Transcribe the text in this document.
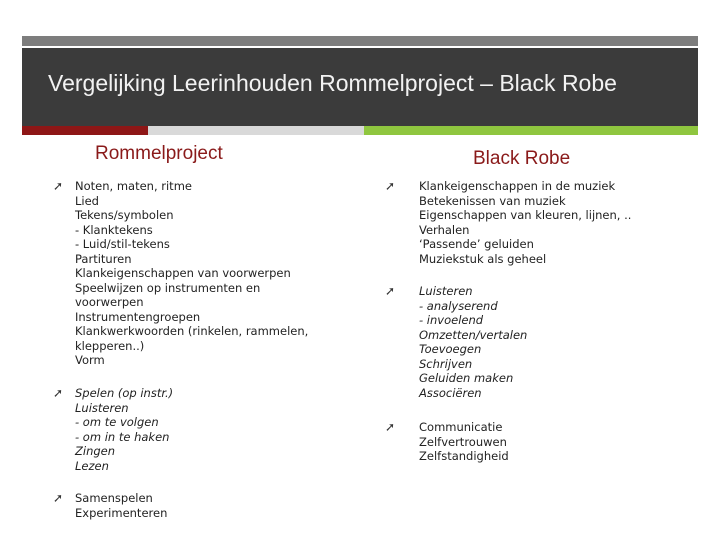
Vergelijking Leerinhouden Rommelproject – Black Robe
Rommelproject
➚ Noten, maten, ritme
Lied
Tekens/symbolen
- Klanktekens
- Luid/stil-tekens
Partituren
Klankeigenschappen van voorwerpen
Speelwijzen op instrumenten en
voorwerpen
Instrumentengroepen
Klankwerkwoorden (rinkelen, rammelen,
klepperen..)
Vorm
➚ Spelen (op instr.)
Luisteren
- om te volgen
- om in te haken
Zingen
Lezen
➚ Samenspelen
Experimenteren
Black Robe
➚ Klankeigenschappen in de muziek
Betekenissen van muziek
Eigenschappen van kleuren, lijnen, ..
Verhalen
‘Passende’ geluiden
Muziekstuk als geheel
➚ Luisteren
- analyserend
- invoelend
Omzetten/vertalen
Toevoegen
Schrijven
Geluiden maken
Associëren
➚ Communicatie
Zelfvertrouwen
Zelfstandigheid
